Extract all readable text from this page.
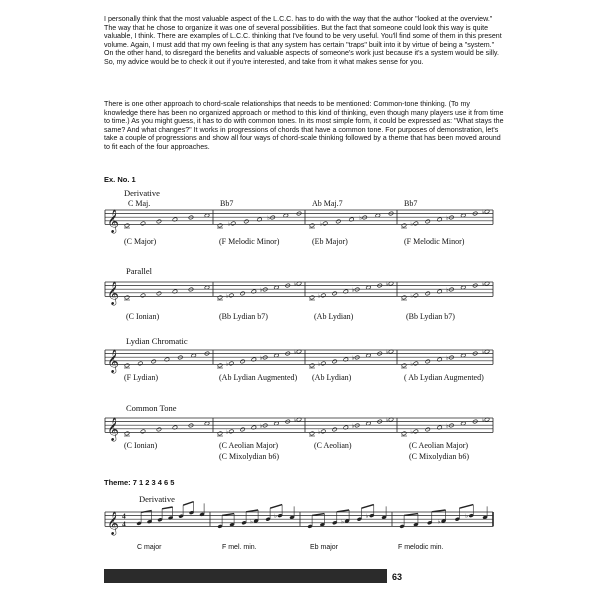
I personally think that the most valuable aspect of the L.C.C. has to do with the way that the author "looked at the overview." The way that he chose to organize it was one of several possibilities. But the fact that someone could look this way is quite valuable, I think. There are examples of L.C.C. thinking that I've found to be very useful. You'll find some of them in this present volume. Again, I must add that my own feeling is that any system has certain "traps" built into it by virtue of being a "system." On the other hand, to disregard the benefits and valuable aspects of someone's work just because it's a system would be silly. So, my advice would be to check it out if you're interested, and take from it what makes sense for you.

There is one other approach to chord-scale relationships that needs to be mentioned: Common-tone thinking. (To my knowledge there has been no organized approach or method to this kind of thinking, even though many players use it from time to time.) As you might guess, it has to do with common tones. In its most simple form, it could be expressed as: "What stays the same? And what changes?" It works in progressions of chords that have a common tone. For purposes of demonstration, let's take a couple of progressions and show all four ways of chord-scale thinking followed by a theme that has been moved around to fit each of the four approaches.

Ex. No. 1
𝄞	♭
♭
♭
♭
♭
♭
♭
𝄞	♭
♭
♭
♭
♭
♭
♭
♭
♭
𝄞	♭
♭
♭
♭
♭
♭
♭
♭
♭
𝄞	♭
♭
♭
♭
♭
♭
♭
♭
♭
𝄞 4
4	♭
♭
♭
♭
♭
♭
Derivative
C Maj.	Bb7	Ab Maj.7	Bb7
(C Major)	(F Melodic Minor)	(Eb Major)	(F Melodic Minor)
Parallel
(C Ionian)	(Bb Lydian b7)	(Ab Lydian)	(Bb Lydian b7)
Lydian Chromatic
(F Lydian)	(Ab Lydian Augmented) (Ab Lydian)	( Ab Lydian Augmented)
Common Tone
(C Ionian)	(C Aeolian Major)
(C Mixolydian b6)
(C Aeolian)	(C Aeolian Major)
(C Mixolydian b6)
Theme: 7 1 2 3 4 6 5
Derivative
C major	F mel. min.	Eb major	F melodic min.
63
